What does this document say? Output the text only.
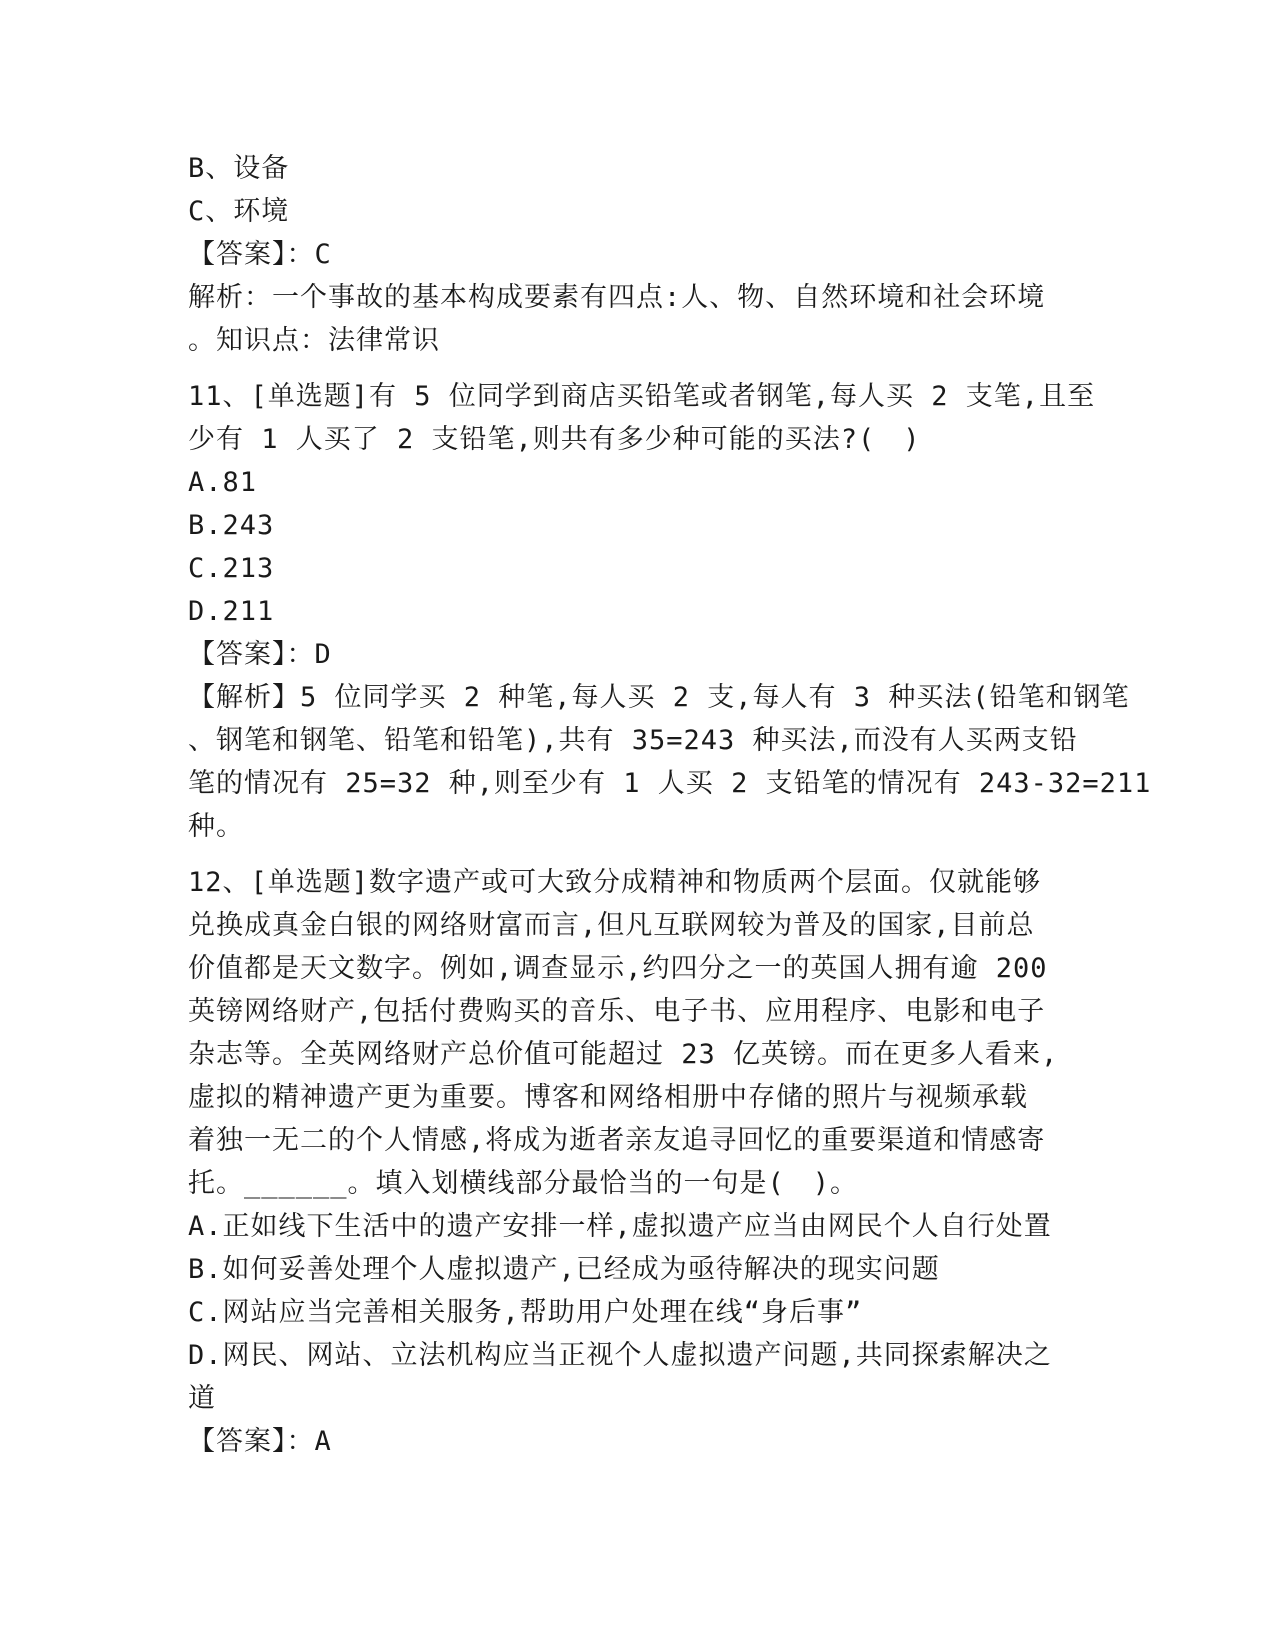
B、设备
C、环境
【答案】：C
解析：一个事故的基本构成要素有四点:人、物、自然环境和社会环境
。知识点：法律常识
11、[单选题]有 5 位同学到商店买铅笔或者钢笔,每人买 2 支笔,且至
少有 1 人买了 2 支铅笔,则共有多少种可能的买法?(　)
A.81
B.243
C.213
D.211
【答案】：D
【解析】5 位同学买 2 种笔,每人买 2 支,每人有 3 种买法(铅笔和钢笔
、钢笔和钢笔、铅笔和铅笔),共有 35=243 种买法,而没有人买两支铅
笔的情况有 25=32 种,则至少有 1 人买 2 支铅笔的情况有 243-32=211
种。
12、[单选题]数字遗产或可大致分成精神和物质两个层面。仅就能够
兑换成真金白银的网络财富而言,但凡互联网较为普及的国家,目前总
价值都是天文数字。例如,调查显示,约四分之一的英国人拥有逾 200
英镑网络财产,包括付费购买的音乐、电子书、应用程序、电影和电子
杂志等。全英网络财产总价值可能超过 23 亿英镑。而在更多人看来,
虚拟的精神遗产更为重要。博客和网络相册中存储的照片与视频承载
着独一无二的个人情感,将成为逝者亲友追寻回忆的重要渠道和情感寄
托。______。填入划横线部分最恰当的一句是(　)。
A.正如线下生活中的遗产安排一样,虚拟遗产应当由网民个人自行处置
B.如何妥善处理个人虚拟遗产,已经成为亟待解决的现实问题
C.网站应当完善相关服务,帮助用户处理在线“身后事”
D.网民、网站、立法机构应当正视个人虚拟遗产问题,共同探索解决之
道
【答案】：A
